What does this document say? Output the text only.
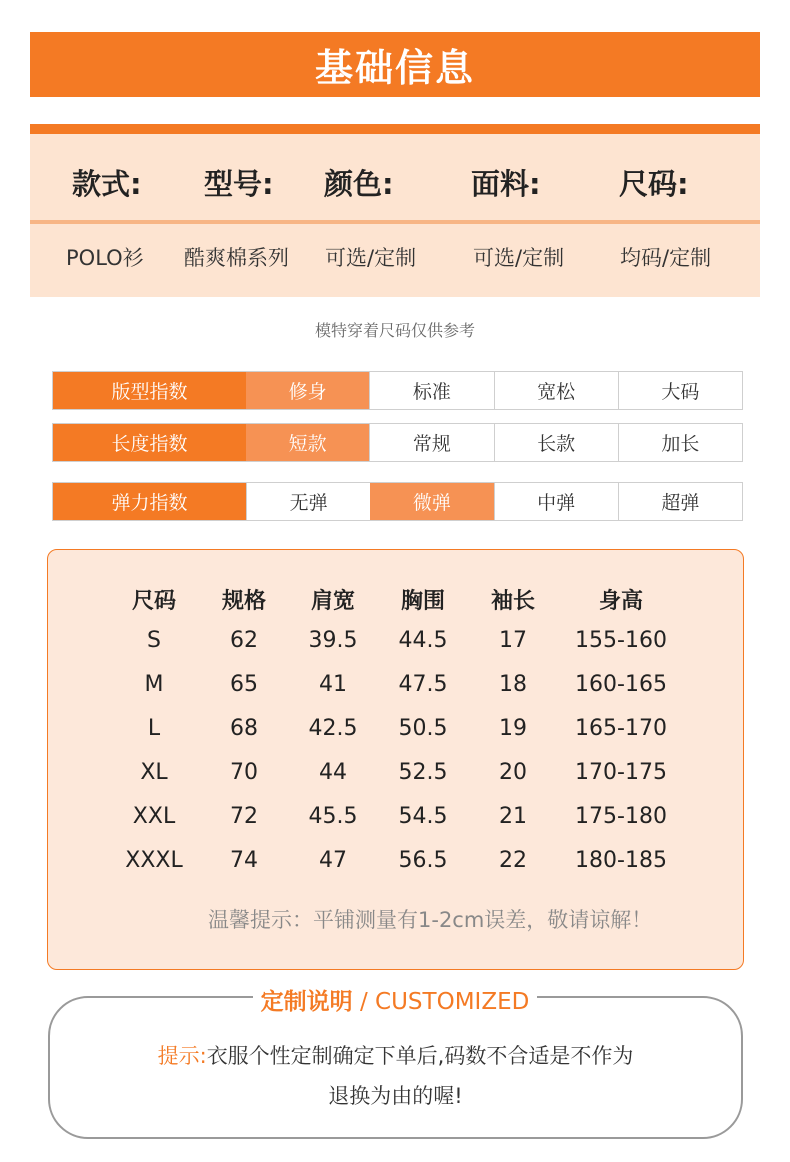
基础信息
款式: 型号: 颜色:	面料:	尺码:
POLO衫 酷爽棉系列 可选/定制	可选/定制	均码/定制
模特穿着尺码仅供参考
版型指数	修身	标准	宽松	大码
长度指数	短款	常规	长款	加长
弹力指数	无弹	微弹	中弹	超弹
尺码	规格	肩宽	胸围	袖长	身高
S	62	39.5	44.5	17	155-160
M	65	41	47.5	18	160-165
L	68	42.5	50.5	19	165-170
XL	70	44	52.5	20	170-175
XXL	72	45.5	54.5	21	175-180
XXXL	74	47	56.5	22	180-185
温馨提示：平铺测量有1-2cm误差，敬请谅解！
定制说明 / CUSTOMIZED
提示:衣服个性定制确定下单后,码数不合适是不作为
退换为由的喔!
